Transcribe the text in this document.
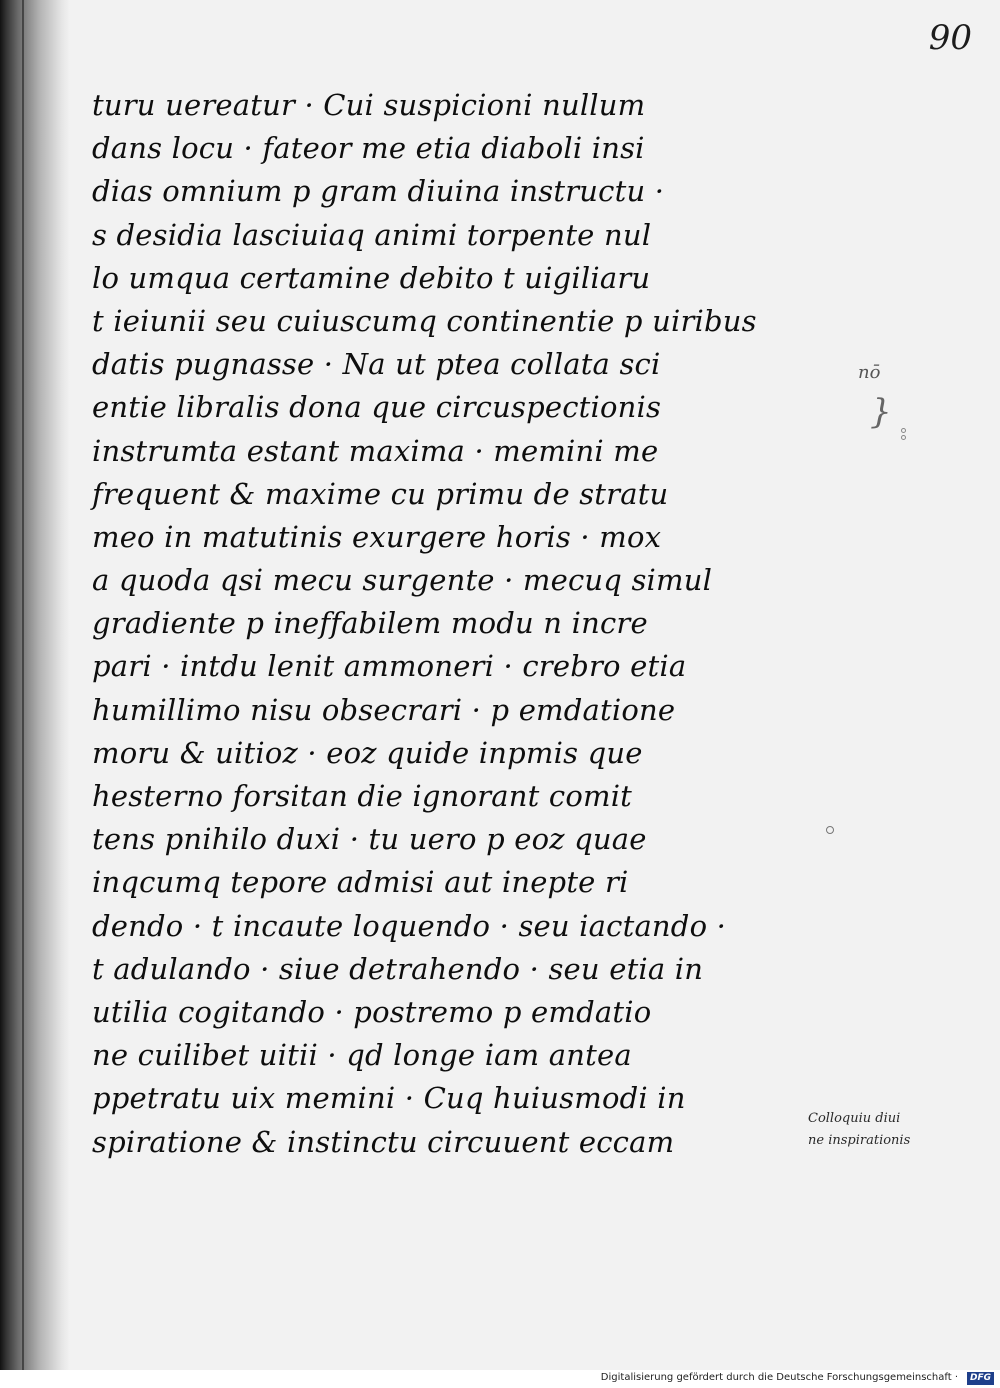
90
turu uereatur · Cui suspicioni nullum
dans locu · fateor me etia diaboli insi
dias omnium p gram diuina instructu ·
s desidia lasciuiaq animi torpente nul
lo umqua certamine debito t uigiliaru
t ieiunii seu cuiuscumq continentie p uiribus
datis pugnasse · Na ut ptea collata sci
entie libralis dona que circuspectionis
instrumta estant maxima · memini me
frequent & maxime cu primu de stratu
meo in matutinis exurgere horis · mox
a quoda qsi mecu surgente · mecuq simul
gradiente p ineffabilem modu n incre
pari · intdu lenit ammoneri · crebro etia
humillimo nisu obsecrari · p emdatione
moru & uitioz · eoz quide inpmis que
hesterno forsitan die ignorant comit
tens pnihilo duxi · tu uero p eoz quae
inqcumq tepore admisi aut inepte ri
dendo · t incaute loquendo · seu iactando ·
t adulando · siue detrahendo · seu etia in
utilia cogitando · postremo p emdatio
ne cuilibet uitii · qd longe iam antea
ppetratu uix memini · Cuq huiusmodi in
spiratione & instinctu circuuent eccam
nō
}
Colloquiu diui
ne inspirationis
Digitalisierung gefördert durch die Deutsche Forschungsgemeinschaft ·	DFG
